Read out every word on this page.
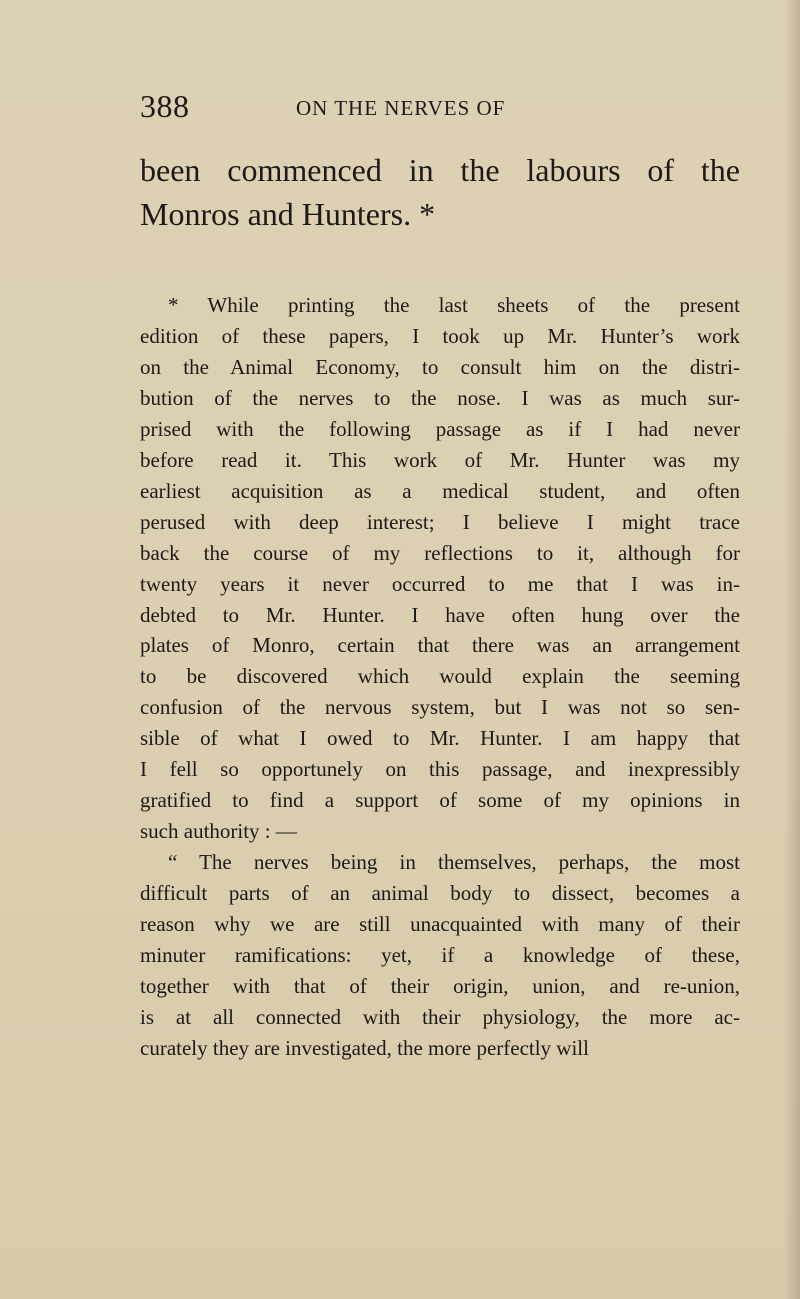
388	ON THE NERVES OF
been commenced in the labours of the
Monros and Hunters. *
* While printing the last sheets of the present
edition of these papers, I took up Mr. Hunter’s work
on the Animal Economy, to consult him on the distri-
bution of the nerves to the nose. I was as much sur-
prised with the following passage as if I had never
before read it. This work of Mr. Hunter was my
earliest acquisition as a medical student, and often
perused with deep interest; I believe I might trace
back the course of my reflections to it, although for
twenty years it never occurred to me that I was in-
debted to Mr. Hunter. I have often hung over the
plates of Monro, certain that there was an arrangement
to be discovered which would explain the seeming
confusion of the nervous system, but I was not so sen-
sible of what I owed to Mr. Hunter. I am happy that
I fell so opportunely on this passage, and inexpressibly
gratified to find a support of some of my opinions in
such authority : —
“ The nerves being in themselves, perhaps, the most
difficult parts of an animal body to dissect, becomes a
reason why we are still unacquainted with many of their
minuter ramifications: yet, if a knowledge of these,
together with that of their origin, union, and re-union,
is at all connected with their physiology, the more ac-
curately they are investigated, the more perfectly will
